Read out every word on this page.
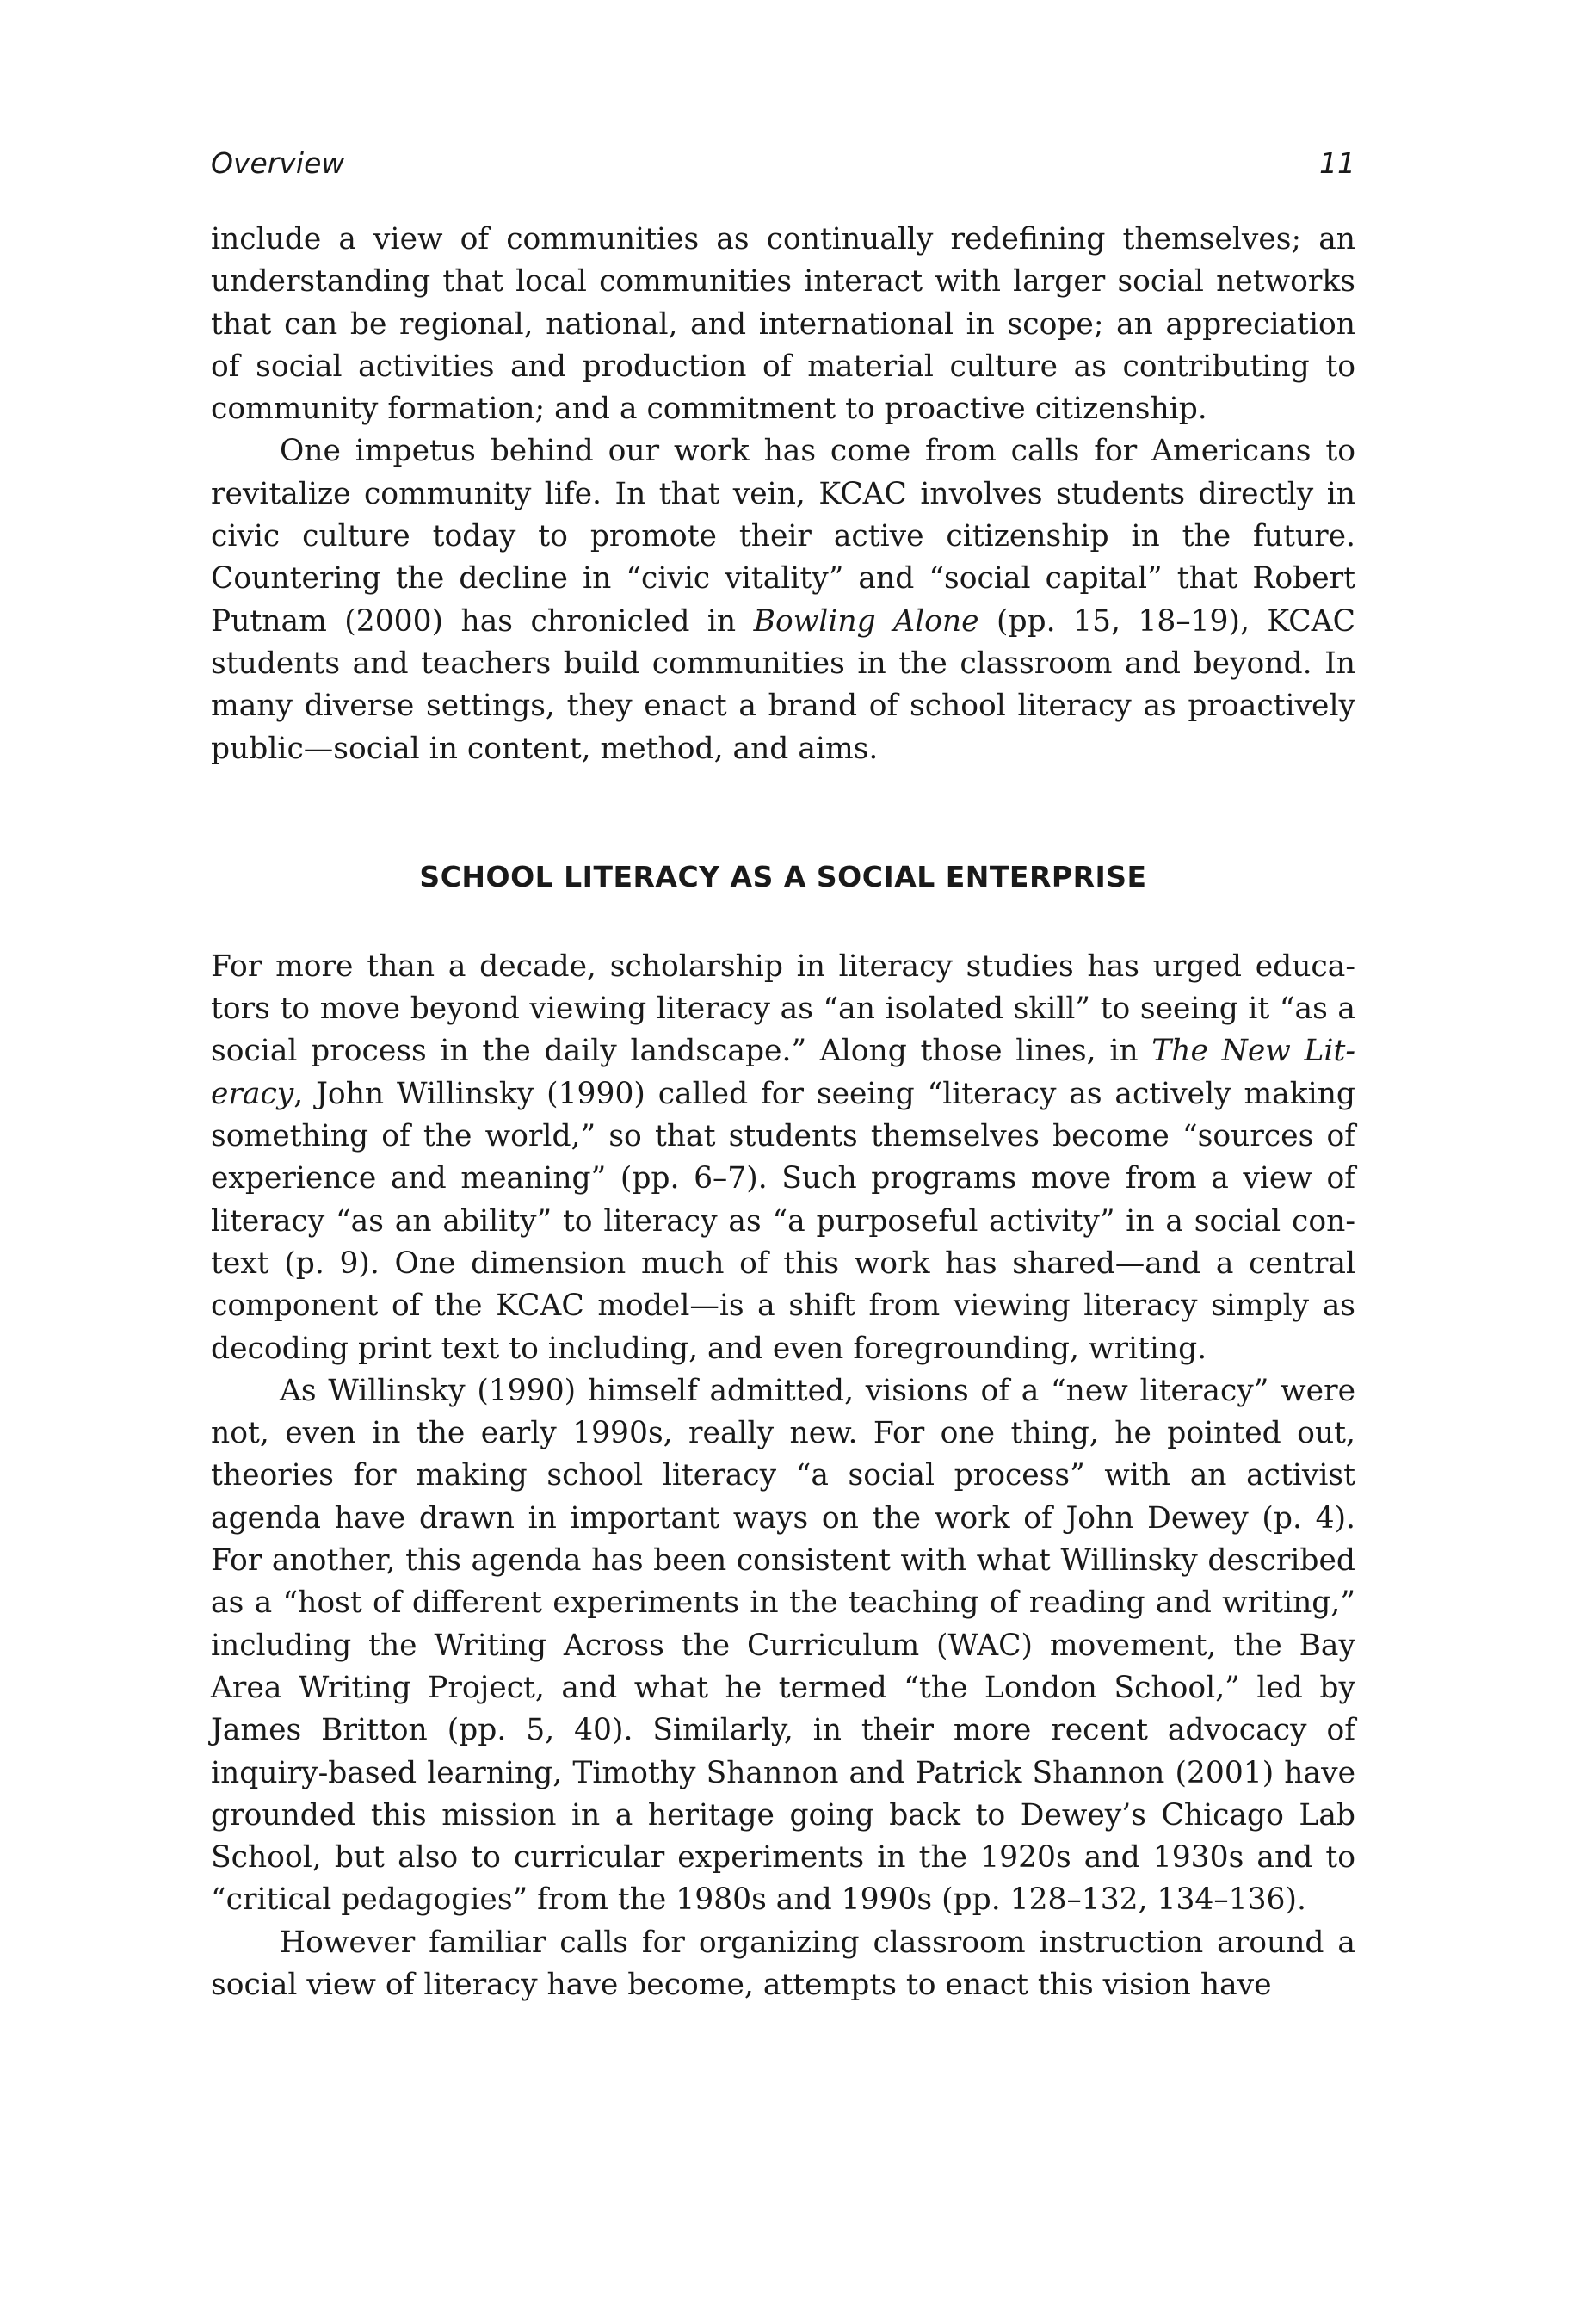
Overview	11

include a view of communities as continually redefining themselves; an understanding that local communities interact with larger social networks that can be regional, national, and international in scope; an appreciation of social activities and production of material culture as contributing to community formation; and a commitment to proactive citizenship.

One impetus behind our work has come from calls for Americans to revitalize community life. In that vein, KCAC involves students directly in civic culture today to promote their active citizenship in the future. Countering the decline in “civic vitality” and “social capital” that Robert Putnam (2000) has chronicled in Bowling Alone (pp. 15, 18–19), KCAC students and teachers build communities in the classroom and beyond. In many diverse settings, they enact a brand of school literacy as proactively public—social in content, method, and aims.

SCHOOL LITERACY AS A SOCIAL ENTERPRISE

For more than a decade, scholarship in literacy studies has urged educators to move beyond viewing literacy as “an isolated skill” to seeing it “as a social process in the daily landscape.” Along those lines, in The New Literacy, John Willinsky (1990) called for seeing “literacy as actively making something of the world,” so that students themselves become “sources of experience and meaning” (pp. 6–7). Such programs move from a view of literacy “as an ability” to literacy as “a purposeful activity” in a social context (p. 9). One dimension much of this work has shared—and a central component of the KCAC model—is a shift from viewing literacy simply as decoding print text to including, and even foregrounding, writing.

As Willinsky (1990) himself admitted, visions of a “new literacy” were not, even in the early 1990s, really new. For one thing, he pointed out, theories for making school literacy “a social process” with an activist agenda have drawn in important ways on the work of John Dewey (p. 4). For another, this agenda has been consistent with what Willinsky described as a “host of different experiments in the teaching of reading and writing,” including the Writing Across the Curriculum (WAC) movement, the Bay Area Writing Project, and what he termed “the London School,” led by James Britton (pp. 5, 40). Similarly, in their more recent advocacy of inquiry-based learning, Timothy Shannon and Patrick Shannon (2001) have grounded this mission in a heritage going back to Dewey’s Chicago Lab School, but also to curricular experiments in the 1920s and 1930s and to “critical pedagogies” from the 1980s and 1990s (pp. 128–132, 134–136).

However familiar calls for organizing classroom instruction around a social view of literacy have become, attempts to enact this vision have
